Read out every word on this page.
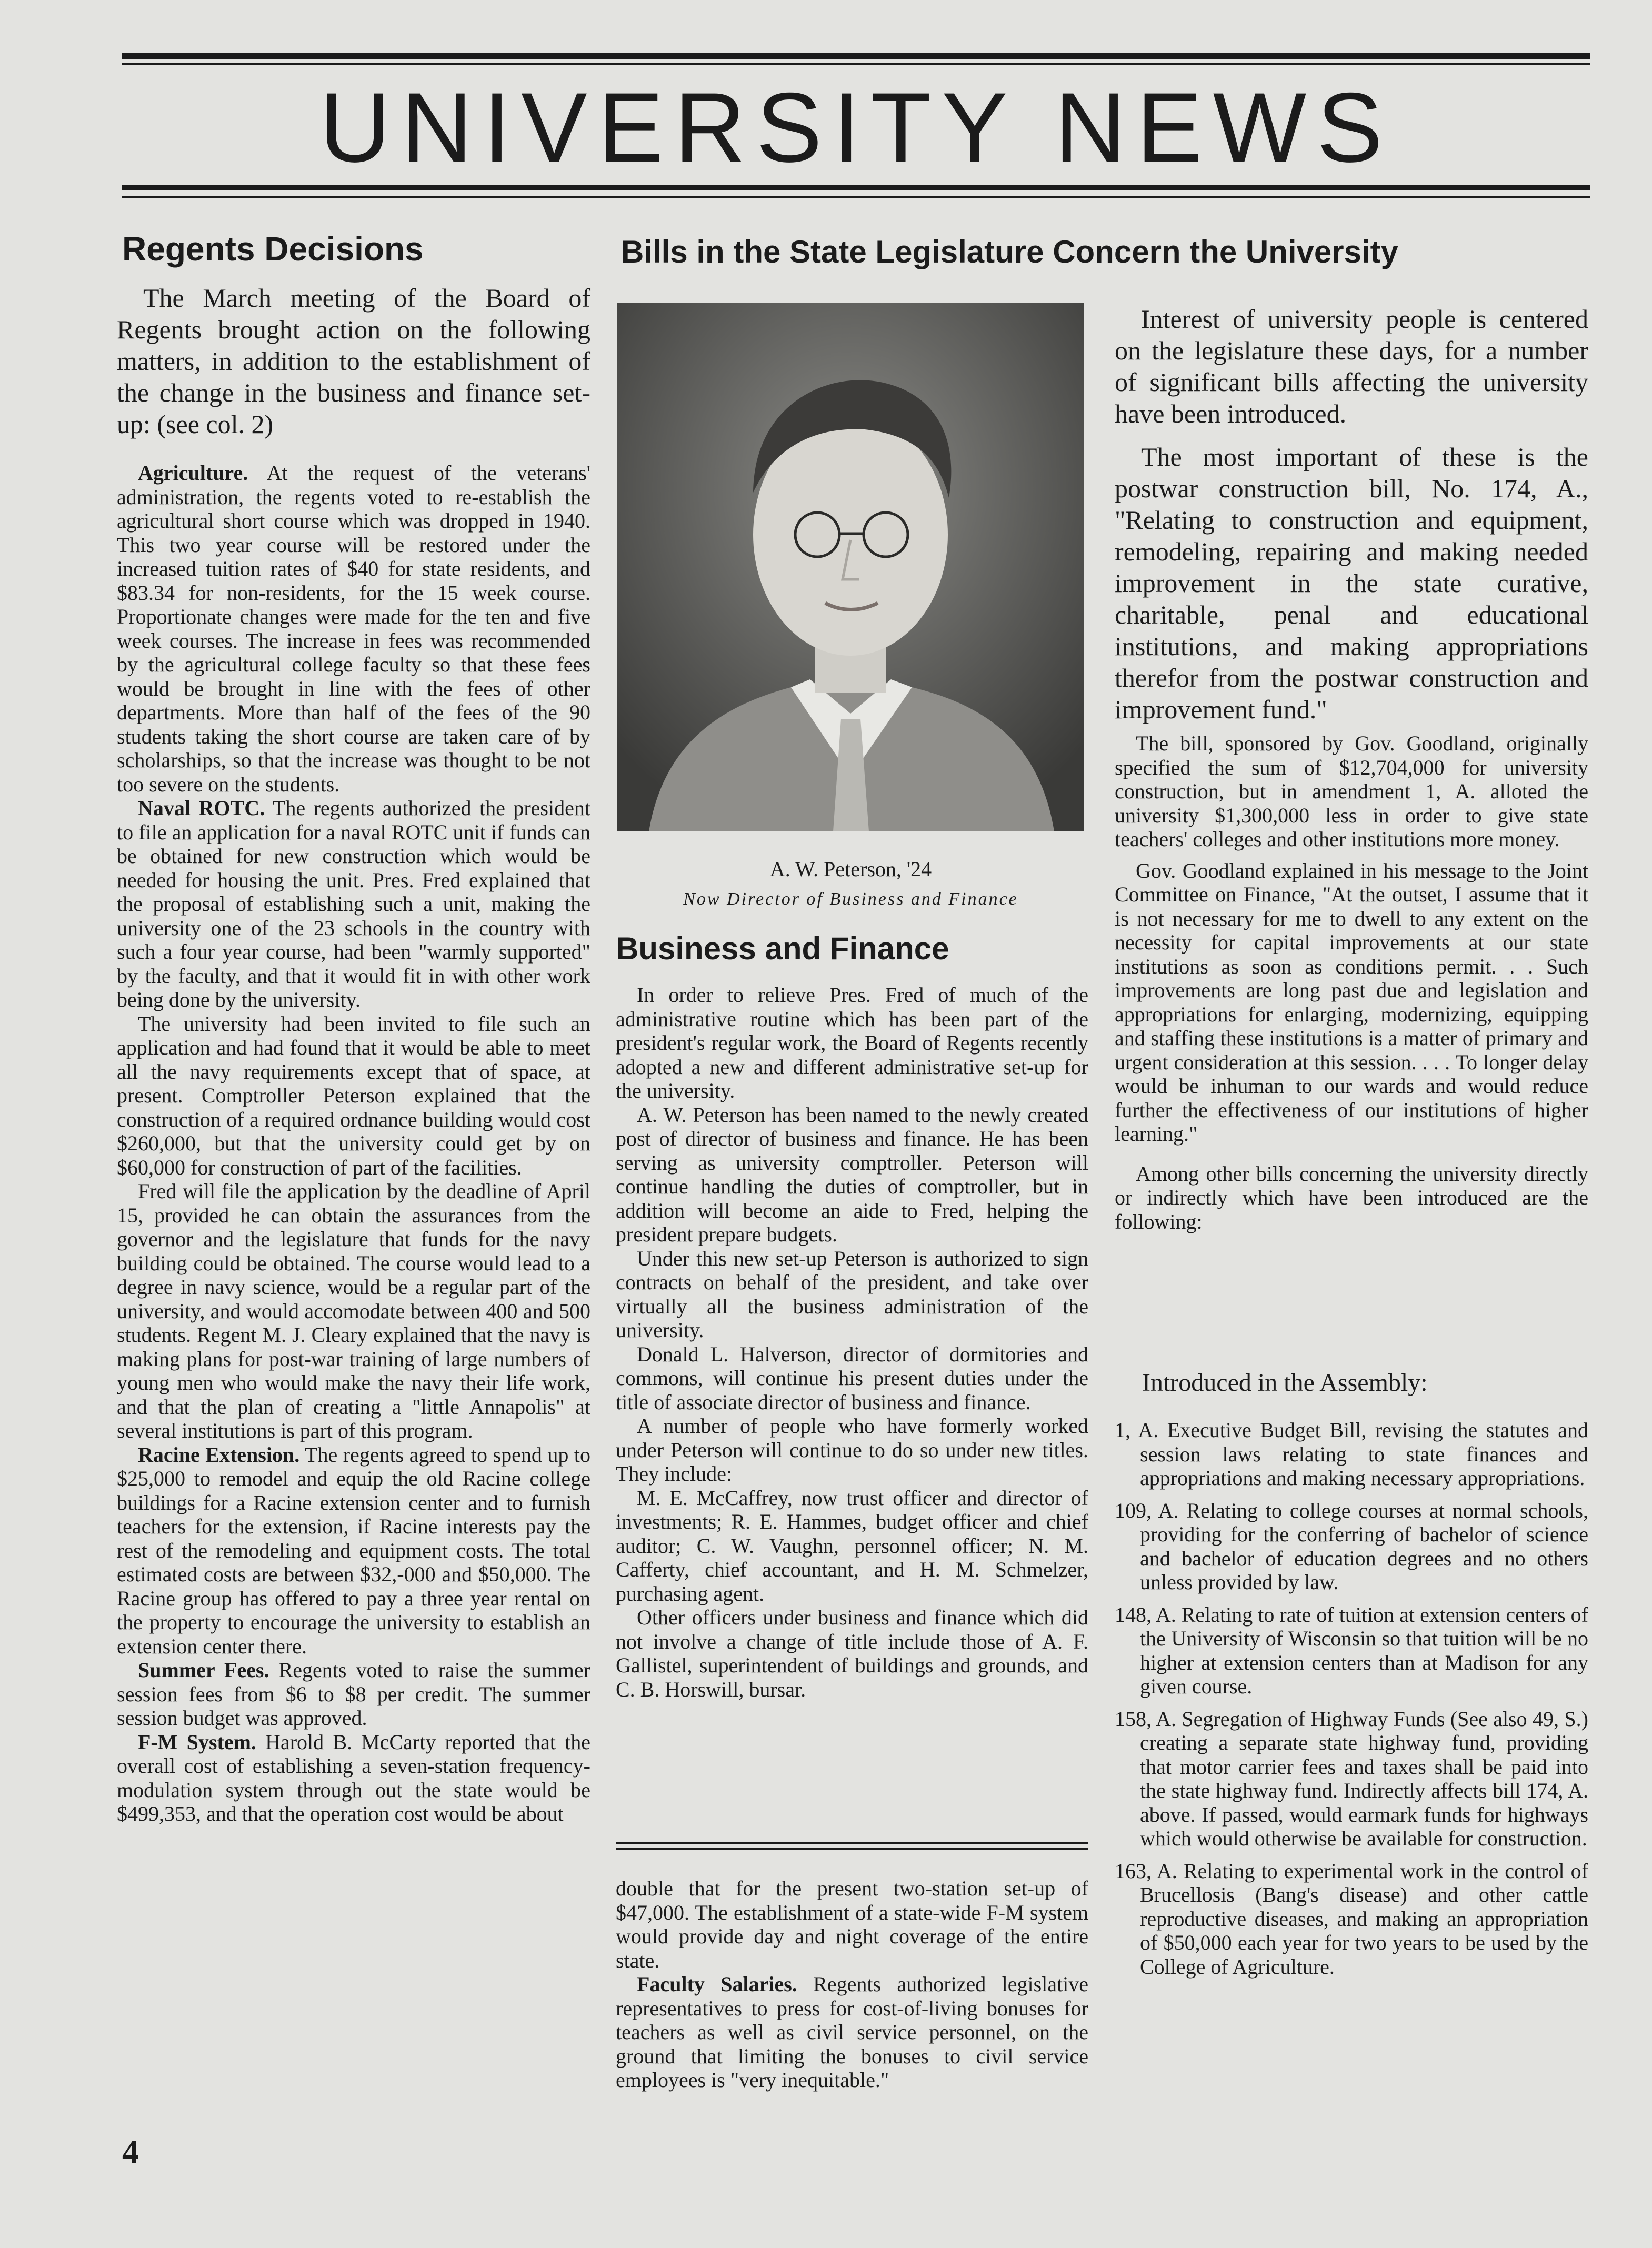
UNIVERSITY NEWS
Regents Decisions	Bills in the State Legislature Concern the University

The March meeting of the Board of Regents brought action on the following matters, in addition to the establishment of the change in the business and finance set-up: (see col. 2)

Agriculture. At the request of the veterans' administration, the regents voted to re-establish the agricultural short course which was dropped in 1940. This two year course will be restored under the increased tuition rates of $40 for state residents, and $83.34 for non-residents, for the 15 week course. Proportionate changes were made for the ten and five week courses. The increase in fees was recommended by the agricultural college faculty so that these fees would be brought in line with the fees of other departments. More than half of the fees of the 90 students taking the short course are taken care of by scholarships, so that the increase was thought to be not too severe on the students.

Naval ROTC. The regents authorized the president to file an application for a naval ROTC unit if funds can be obtained for new construction which would be needed for housing the unit. Pres. Fred explained that the proposal of establishing such a unit, making the university one of the 23 schools in the country with such a four year course, had been "warmly supported" by the faculty, and that it would fit in with other work being done by the university.

The university had been invited to file such an application and had found that it would be able to meet all the navy requirements except that of space, at present. Comptroller Peterson explained that the construction of a required ordnance building would cost $260,000, but that the university could get by on $60,000 for construction of part of the facilities.

Fred will file the application by the deadline of April 15, provided he can obtain the assurances from the governor and the legislature that funds for the navy building could be obtained. The course would lead to a degree in navy science, would be a regular part of the university, and would accomodate between 400 and 500 students. Regent M. J. Cleary explained that the navy is making plans for post-war training of large numbers of young men who would make the navy their life work, and that the plan of creating a "little Annapolis" at several institutions is part of this program.

Racine Extension. The regents agreed to spend up to $25,000 to remodel and equip the old Racine college buildings for a Racine extension center and to furnish teachers for the extension, if Racine interests pay the rest of the remodeling and equipment costs. The total estimated costs are between $32,-000 and $50,000. The Racine group has offered to pay a three year rental on the property to encourage the university to establish an extension center there.

Summer Fees. Regents voted to raise the summer session fees from $6 to $8 per credit. The summer session budget was approved.

F-M System. Harold B. McCarty reported that the overall cost of establishing a seven-station frequency-modulation system through out the state would be $499,353, and that the operation cost would be about

A. W. Peterson, '24
Now Director of Business and Finance
Business and Finance

In order to relieve Pres. Fred of much of the administrative routine which has been part of the president's regular work, the Board of Regents recently adopted a new and different administrative set-up for the university.

A. W. Peterson has been named to the newly created post of director of business and finance. He has been serving as university comptroller. Peterson will continue handling the duties of comptroller, but in addition will become an aide to Fred, helping the president prepare budgets.

Under this new set-up Peterson is authorized to sign contracts on behalf of the president, and take over virtually all the business administration of the university.

Donald L. Halverson, director of dormitories and commons, will continue his present duties under the title of associate director of business and finance.

A number of people who have formerly worked under Peterson will continue to do so under new titles. They include:

M. E. McCaffrey, now trust officer and director of investments; R. E. Hammes, budget officer and chief auditor; C. W. Vaughn, personnel officer; N. M. Cafferty, chief accountant, and H. M. Schmelzer, purchasing agent.

Other officers under business and finance which did not involve a change of title include those of A. F. Gallistel, superintendent of buildings and grounds, and C. B. Horswill, bursar.

double that for the present two-station set-up of $47,000. The establishment of a state-wide F-M system would provide day and night coverage of the entire state.

Faculty Salaries. Regents authorized legislative representatives to press for cost-of-living bonuses for teachers as well as civil service personnel, on the ground that limiting the bonuses to civil service employees is "very inequitable."

Interest of university people is centered on the legislature these days, for a number of significant bills affecting the university have been introduced.

The most important of these is the postwar construction bill, No. 174, A., "Relating to construction and equipment, remodeling, repairing and making needed improvement in the state curative, charitable, penal and educational institutions, and making appropriations therefor from the postwar construction and improvement fund."

The bill, sponsored by Gov. Goodland, originally specified the sum of $12,704,000 for university construction, but in amendment 1, A. alloted the university $1,300,000 less in order to give state teachers' colleges and other institutions more money.

Gov. Goodland explained in his message to the Joint Committee on Finance, "At the outset, I assume that it is not necessary for me to dwell to any extent on the necessity for capital improvements at our state institutions as soon as conditions permit. . . Such improvements are long past due and legislation and appropriations for enlarging, modernizing, equipping and staffing these institutions is a matter of primary and urgent consideration at this session. . . . To longer delay would be inhuman to our wards and would reduce further the effectiveness of our institutions of higher learning."

Among other bills concerning the university directly or indirectly which have been introduced are the following:

Introduced in the Assembly:
1, A. Executive Budget Bill, revising the statutes and session laws relating to state finances and appropriations and making necessary appropriations.
109, A. Relating to college courses at normal schools, providing for the conferring of bachelor of science and bachelor of education degrees and no others unless provided by law.
148, A. Relating to rate of tuition at extension centers of the University of Wisconsin so that tuition will be no higher at extension centers than at Madison for any given course.
158, A. Segregation of Highway Funds (See also 49, S.) creating a separate state highway fund, providing that motor carrier fees and taxes shall be paid into the state highway fund. Indirectly affects bill 174, A. above. If passed, would earmark funds for highways which would otherwise be available for construction.
163, A. Relating to experimental work in the control of Brucellosis (Bang's disease) and other cattle reproductive diseases, and making an appropriation of $50,000 each year for two years to be used by the College of Agriculture.

4
